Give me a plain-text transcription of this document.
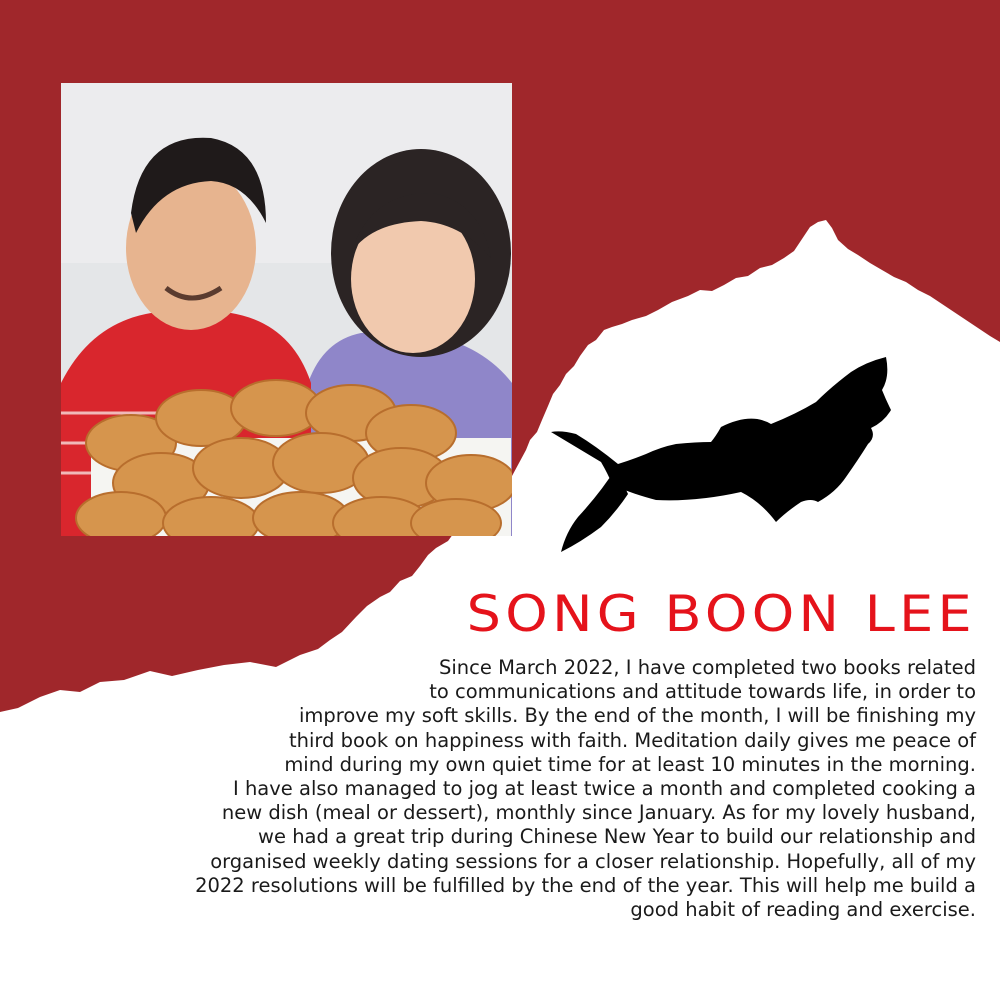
SONG BOON LEE

Since March 2022, I have completed two books related
to communications and attitude towards life, in order to
improve my soft skills. By the end of the month, I will be finishing my
third book on happiness with faith. Meditation daily gives me peace of
mind during my own quiet time for at least 10 minutes in the morning.
I have also managed to jog at least twice a month and completed cooking a
new dish (meal or dessert), monthly since January. As for my lovely husband,
we had a great trip during Chinese New Year to build our relationship and
organised weekly dating sessions for a closer relationship. Hopefully, all of my
2022 resolutions will be fulfilled by the end of the year. This will help me build a
good habit of reading and exercise.
